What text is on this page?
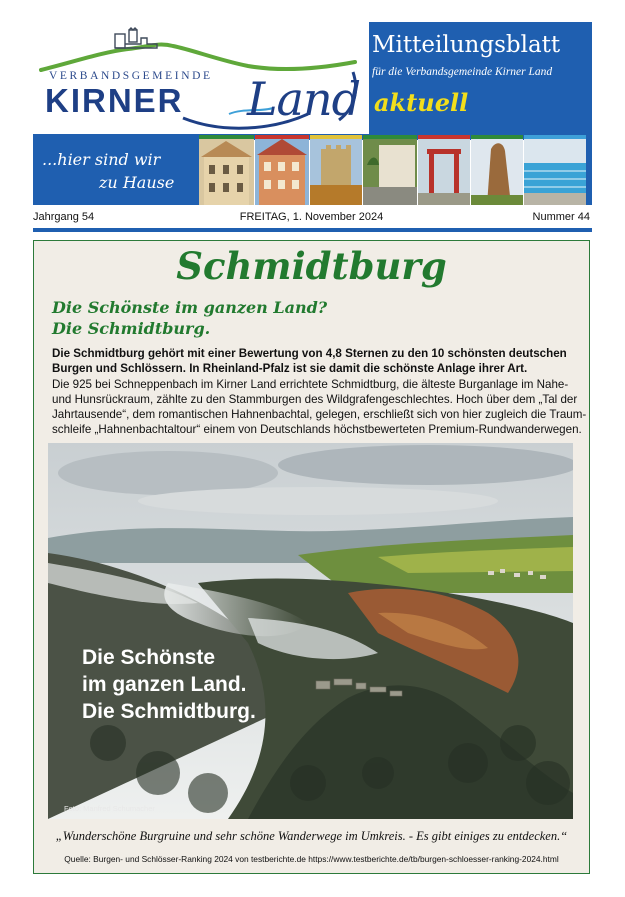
VERBANDSGEMEINDE
KIRNER Land
Mitteilungsblatt
für die Verbandsgemeinde Kirner Land
aktuell
...hier sind wir
zu Hause
Jahrgang 54	FREITAG, 1. November 2024	Nummer 44
Schmidtburg
Die Schönste im ganzen Land?
Die Schmidtburg.
Die Schmidtburg gehört mit einer Bewertung von 4,8 Sternen zu den 10 schönsten deutschen
Burgen und Schlössern. In Rheinland-Pfalz ist sie damit die schönste Anlage ihrer Art.
Die 925 bei Schneppenbach im Kirner Land errichtete Schmidtburg, die älteste Burganlage im Nahe-
und Hunsrückraum, zählte zu den Stammburgen des Wildgrafengeschlechtes. Hoch über dem „Tal der
Jahrtausende“, dem romantischen Hahnenbachtal, gelegen, erschließt sich von hier zugleich die Traum-
schleife „Hahnenbachtaltour“ einem von Deutschlands höchstbewerteten Premium-Rundwanderwegen.
Die Schönste
im ganzen Land.
Die Schmidtburg.
Foto: Manfred Schumacher
„Wunderschöne Burgruine und sehr schöne Wanderwege im Umkreis. - Es gibt einiges zu entdecken.“
Quelle: Burgen- und Schlösser-Ranking 2024 von testberichte.de https://www.testberichte.de/tb/burgen-schloesser-ranking-2024.html
